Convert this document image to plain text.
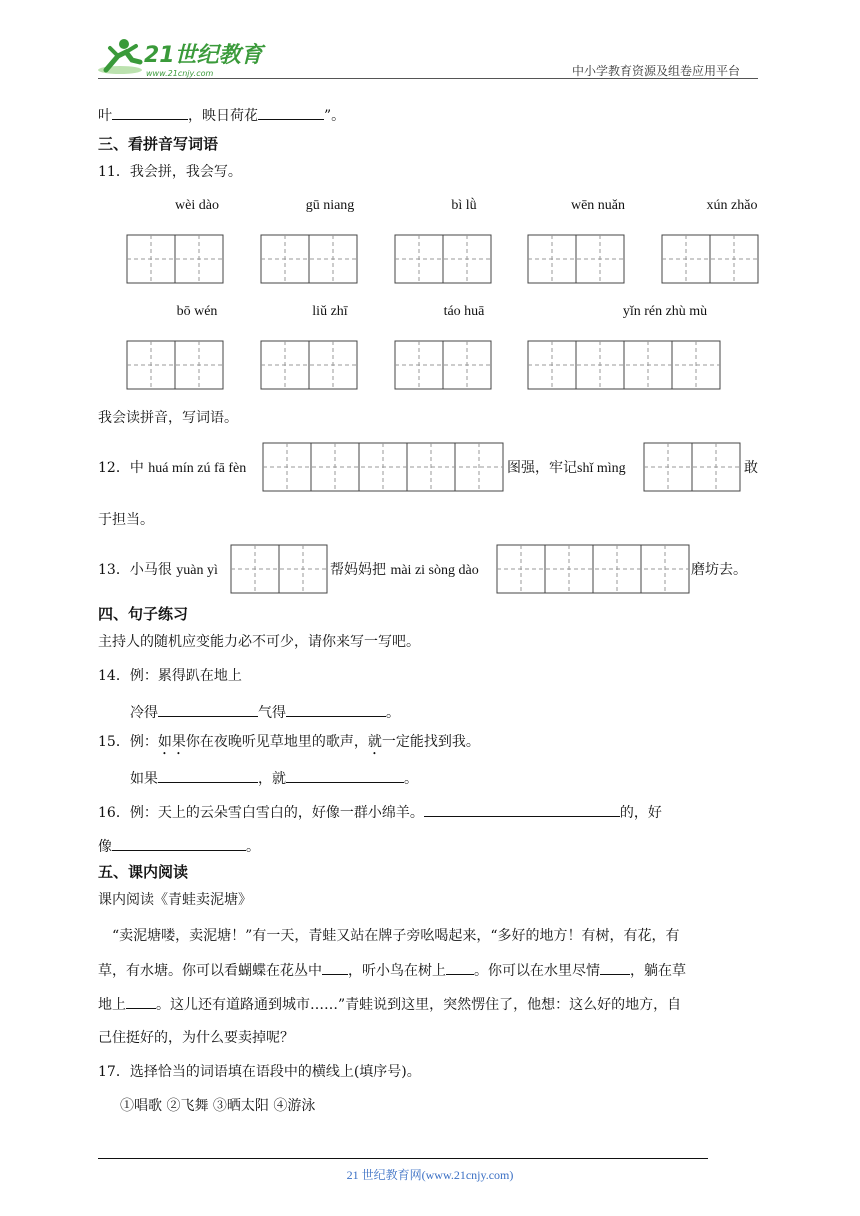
21世纪教育
www.21cnjy.com	中小学教育资源及组卷应用平台
叶	，映日荷花	”。
三、看拼音写词语
11．我会拼，我会写。
wèi dào	gū niang	bì lǜ	wēn nuǎn	xún zhǎo
bō wén	liǔ zhī	táo huā	yǐn rén zhù mù
我会读拼音，写词语。
12．中 huá mín zú fā fèn	图强，牢记shǐ mìng	敢
于担当。
13．小马很 yuàn yì	帮妈妈把 mài zi sòng dào	磨坊去。
四、句子练习
主持人的随机应变能力必不可少，请你来写一写吧。
14．例：累得趴在地上
冷得	气得	。
15．例：如果你在夜晚听见草地里的歌声，就一定能找到我。
如果	，就	。
16．例：天上的云朵雪白雪白的，好像一群小绵羊。	的，好
像	。
五、课内阅读
课内阅读《青蛙卖泥塘》
“卖泥塘喽，卖泥塘！”有一天，青蛙又站在牌子旁吆喝起来，“多好的地方！有树，有花，有
草，有水塘。你可以看蝴蝶在花丛中 ，听小鸟在树上 。你可以在水里尽情 ，躺在草
地上 。这儿还有道路通到城市……”青蛙说到这里，突然愣住了，他想：这么好的地方，自
己住挺好的，为什么要卖掉呢？
17．选择恰当的词语填在语段中的横线上(填序号)。
①唱歌 ②飞舞 ③晒太阳 ④游泳
21 世纪教育网(www.21cnjy.com)
